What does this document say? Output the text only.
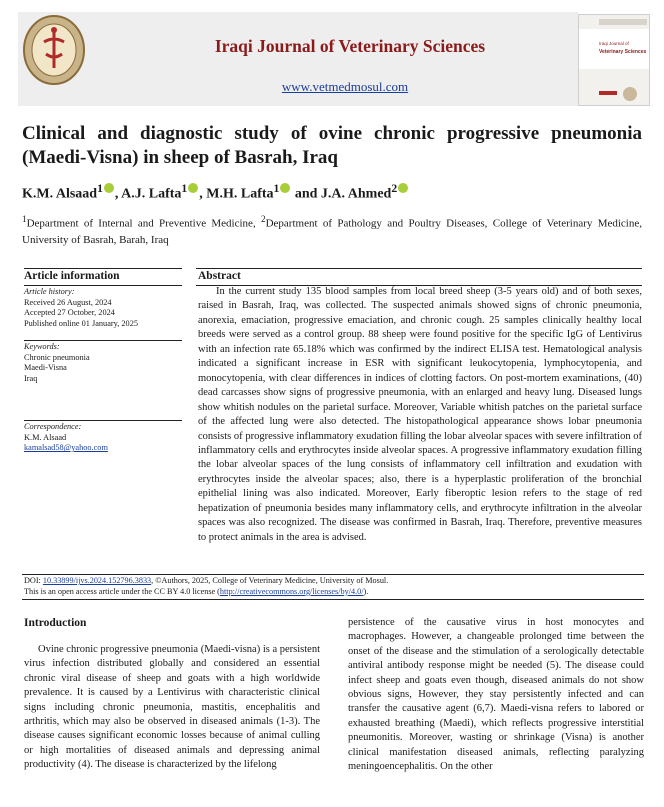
Iraqi Journal of Veterinary Sciences
www.vetmedmosul.com
Iraqi Journal of
Veterinary Sciences
Clinical and diagnostic study of ovine chronic progressive pneumonia (Maedi-Visna) in sheep of Basrah, Iraq
K.M. Alsaad$^1$ , A.J. Lafta$^1$ , M.H. Lafta$^1$ and J.A. Ahmed$^2$
$^1$Department of Internal and Preventive Medicine, $^2$Department of Pathology and Poultry Diseases, College of Veterinary Medicine, University of Basrah, Barah, Iraq
Article information
Article history:
Received 26 August, 2024
Accepted 27 October, 2024
Published online 01 January, 2025
Keywords:
Chronic pneumonia
Maedi-Visna
Iraq
Correspondence:
K.M. Alsaad
kamalsad58@yahoo.com
Abstract

In the current study 135 blood samples from local breed sheep (3-5 years old) and of both sexes, raised in Basrah, Iraq, was collected. The suspected animals showed signs of chronic pneumonia, anorexia, emaciation, progressive emaciation, and chronic cough. 25 samples clinically healthy local breeds were served as a control group. 88 sheep were found positive for the specific IgG of Lentivirus with an infection rate 65.18% which was confirmed by the indirect ELISA test. Hematological analysis indicated a significant increase in ESR with significant leukocytopenia, lymphocytopenia, and monocytopenia, with clear differences in indices of clotting factors. On post-mortem examinations, (40) dead carcasses show signs of progressive pneumonia, with an enlarged and heavy lung. Diseased lungs show whitish nodules on the parietal surface. Moreover, Variable whitish patches on the parietal surface of the affected lung were also detected. The histopathological appearance shows lobar pneumonia consists of progressive inflammatory exudation filling the lobar alveolar spaces with severe infiltration of inflammatory cells and erythrocytes inside alveolar spaces. A progressive inflammatory exudation filling the lobar alveolar spaces of the lung consists of inflammatory cell infiltration and exudation with erythrocytes inside the alveolar spaces; also, there is a hyperplastic proliferation of the bronchial epithelial lining was also indicated. Moreover, Early fiberoptic lesion refers to the stage of red hepatization of pneumonia besides many inflammatory cells, and erythrocyte infiltration in the alveolar spaces was also recognized. The disease was confirmed in Basrah, Iraq. Therefore, preventive measures to protect animals in the area is advised.

DOI: 10.33899/ijvs.2024.152796.3833, ©Authors, 2025, College of Veterinary Medicine, University of Mosul.
This is an open access article under the CC BY 4.0 license (http://creativecommons.org/licenses/by/4.0/).
Introduction

Ovine chronic progressive pneumonia (Maedi-visna) is a persistent virus infection distributed globally and considered an essential chronic viral disease of sheep and goats with a high worldwide prevalence. It is caused by a Lentivirus with characteristic clinical signs including chronic pneumonia, mastitis, encephalitis and arthritis, which may also be observed in diseased animals (1-3). The disease causes significant economic losses because of animal culling or high mortalities of diseased animals and depressing animal productivity (4). The disease is characterized by the lifelong

persistence of the causative virus in host monocytes and macrophages. However, a changeable prolonged time between the onset of the disease and the stimulation of a serologically detectable antiviral antibody response might be needed (5). The disease could infect sheep and goats even though, diseased animals do not show obvious signs, However, they stay persistently infected and can transfer the causative agent (6,7). Maedi-visna refers to labored or exhausted breathing (Maedi), which reflects progressive interstitial pneumonitis. Moreover, wasting or shrinkage (Visna) is another clinical manifestation diseased animals, reflecting paralyzing meningoencephalitis. On the other
